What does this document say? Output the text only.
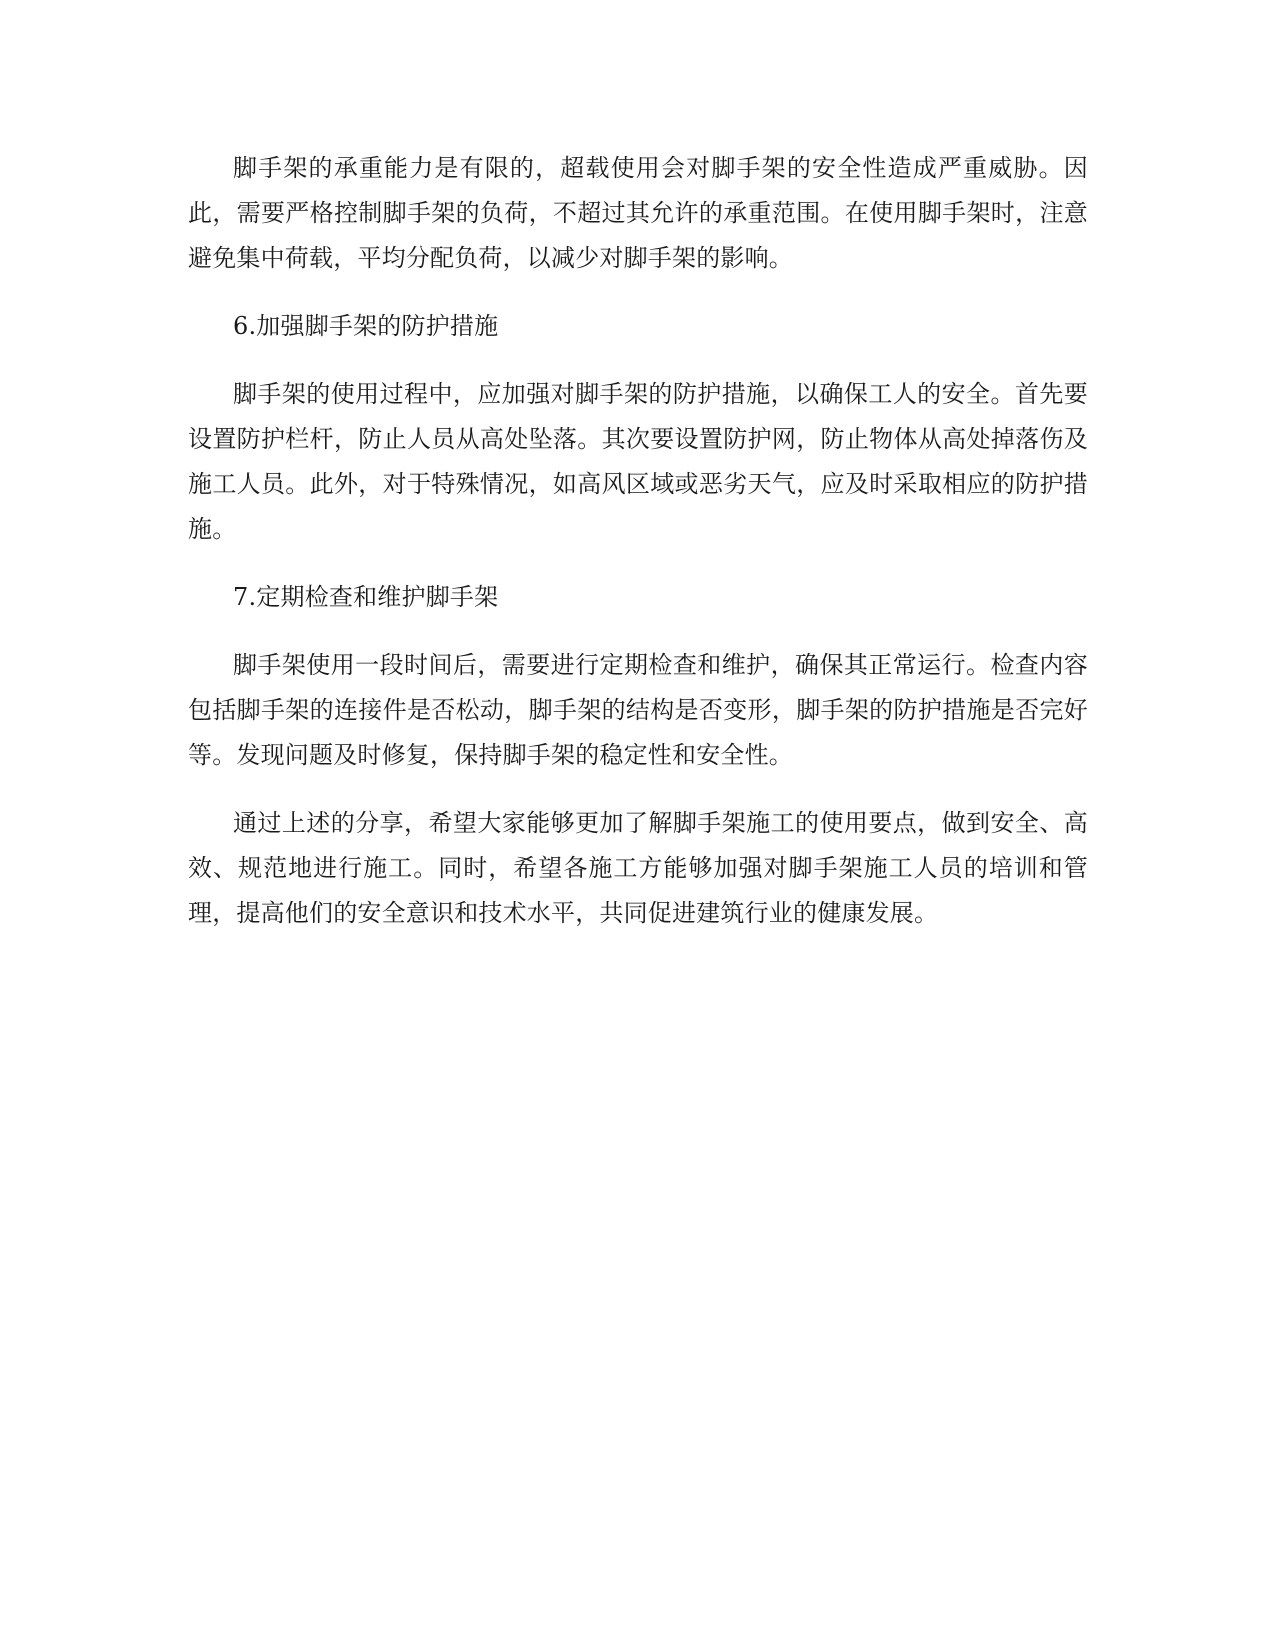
脚手架的承重能力是有限的，超载使用会对脚手架的安全性造成严重威胁。因此，需要严格控制脚手架的负荷，不超过其允许的承重范围。在使用脚手架时，注意避免集中荷载，平均分配负荷，以减少对脚手架的影响。

6.加强脚手架的防护措施

脚手架的使用过程中，应加强对脚手架的防护措施，以确保工人的安全。首先要设置防护栏杆，防止人员从高处坠落。其次要设置防护网，防止物体从高处掉落伤及施工人员。此外，对于特殊情况，如高风区域或恶劣天气，应及时采取相应的防护措施。

7.定期检查和维护脚手架

脚手架使用一段时间后，需要进行定期检查和维护，确保其正常运行。检查内容包括脚手架的连接件是否松动，脚手架的结构是否变形，脚手架的防护措施是否完好等。发现问题及时修复，保持脚手架的稳定性和安全性。

通过上述的分享，希望大家能够更加了解脚手架施工的使用要点，做到安全、高效、规范地进行施工。同时，希望各施工方能够加强对脚手架施工人员的培训和管理，提高他们的安全意识和技术水平，共同促进建筑行业的健康发展。
